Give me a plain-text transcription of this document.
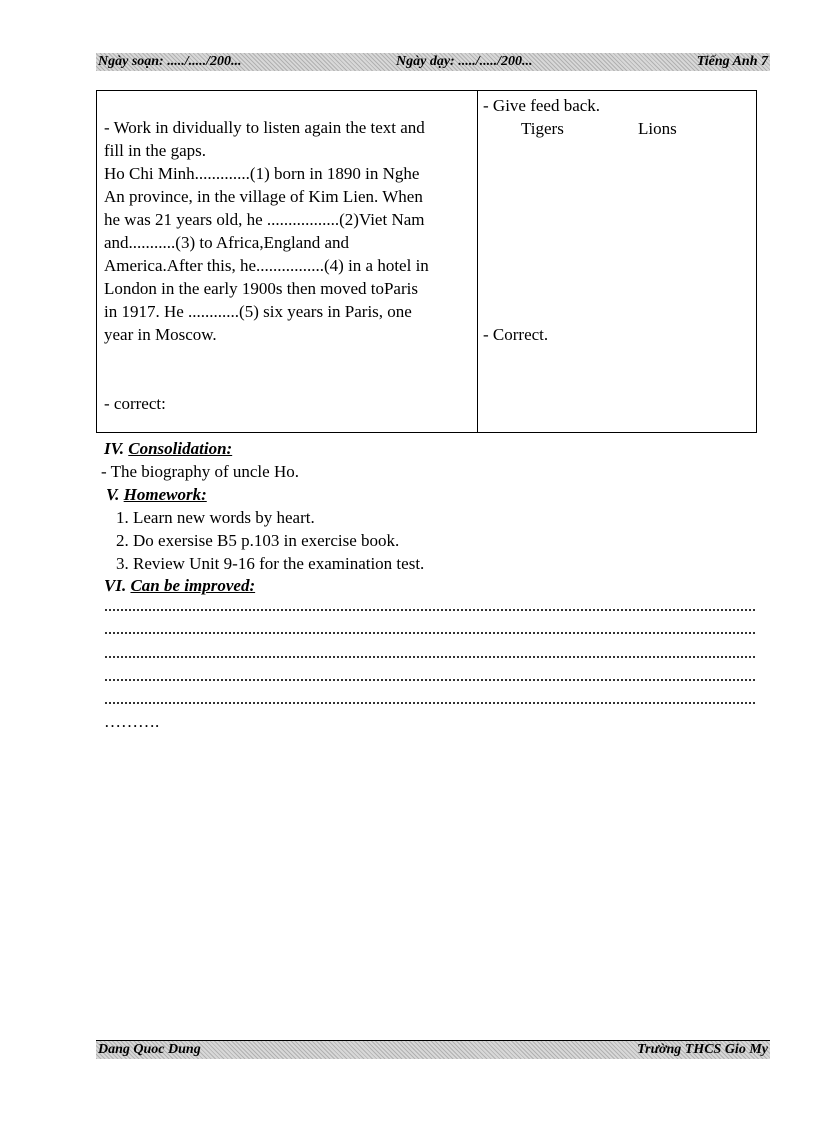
Ngày soạn: ...../...../200...	Ngày dạy: ...../...../200...	Tiếng Anh 7
- Work in dividually to listen again the text and
fill in the gaps.
Ho Chi Minh.............(1) born in 1890 in Nghe
An province, in the village of Kim Lien. When
he was 21 years old, he .................(2)Viet Nam
and...........(3) to Africa,England and
America.After this, he................(4) in a hotel in
London in the early 1900s then moved toParis
in 1917. He ............(5) six years in Paris, one
year in Moscow.
- correct:
- Give feed back.
Tigers	Lions
- Correct.
IV. Consolidation:
- The biography of uncle Ho.
V. Homework:
1. Learn new words by heart.
2. Do exersise B5 p.103 in exercise book.
3. Review Unit 9-16 for the examination test.
VI. Can be improved:
……….
Dang Quoc Dung	Trường THCS Gio My
